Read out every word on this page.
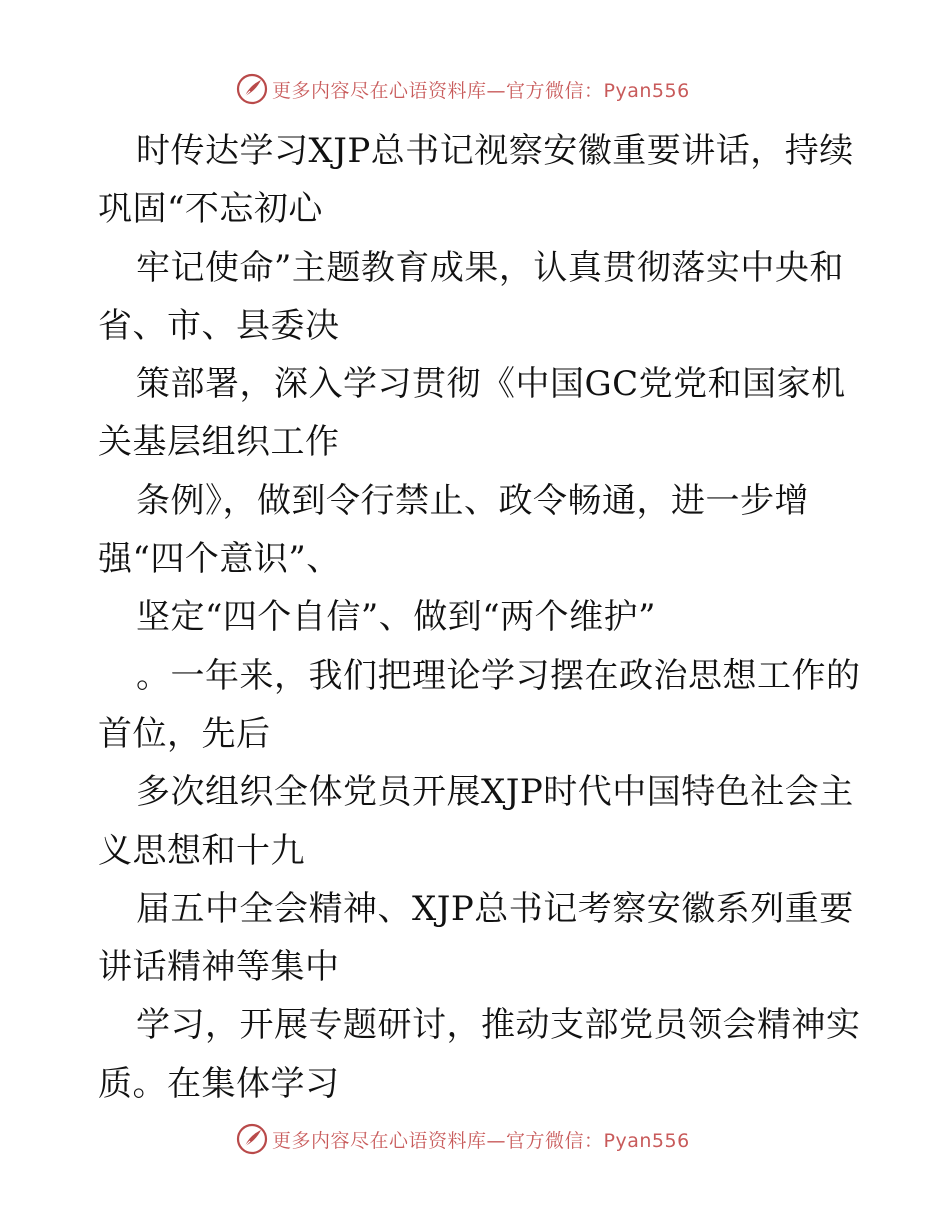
更多内容尽在心语资料库—官方微信：Pyan556
时传达学习XJP总书记视察安徽重要讲话，持续
巩固“不忘初心
牢记使命”主题教育成果，认真贯彻落实中央和
省、市、县委决
策部署，深入学习贯彻《中国GC党党和国家机
关基层组织工作
条例》，做到令行禁止、政令畅通，进一步增
强“四个意识”、
坚定“四个自信”、做到“两个维护”
。一年来，我们把理论学习摆在政治思想工作的
首位，先后
多次组织全体党员开展XJP时代中国特色社会主
义思想和十九
届五中全会精神、XJP总书记考察安徽系列重要
讲话精神等集中
学习，开展专题研讨，推动支部党员领会精神实
质。在集体学习
更多内容尽在心语资料库—官方微信：Pyan556
